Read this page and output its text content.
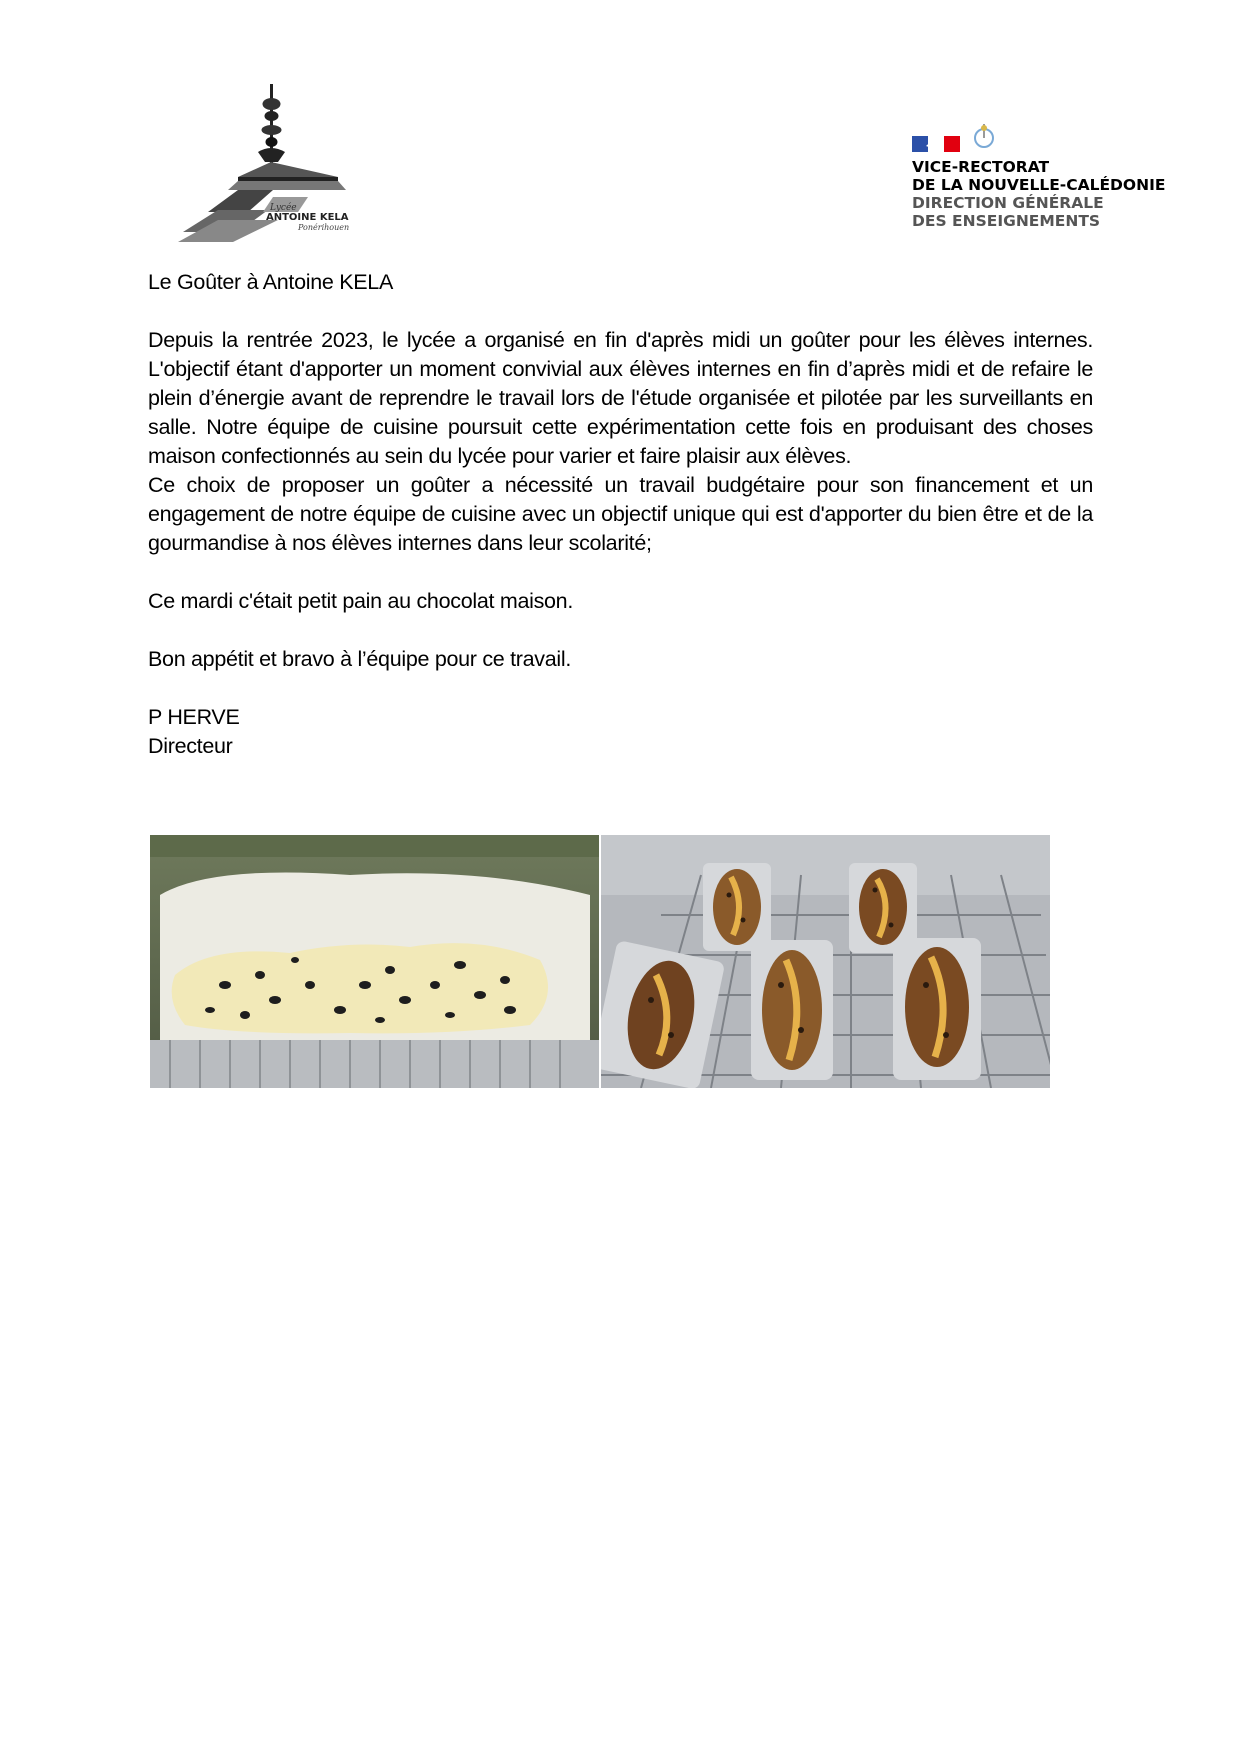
Lycée
ANTOINE KELA
Ponérihouen
VICE-RECTORAT
DE LA NOUVELLE-CALÉDONIE
DIRECTION GÉNÉRALE
DES ENSEIGNEMENTS

Le Goûter à Antoine KELA

Depuis la rentrée 2023, le lycée a organisé en fin d'après midi un goûter pour les élèves internes. L'objectif étant d'apporter un moment convivial aux élèves internes en fin d’après midi et de refaire le plein d’énergie avant de reprendre le travail lors de l'étude organisée et pilotée par les surveillants en salle. Notre équipe de cuisine poursuit cette expérimentation cette fois en produisant des choses maison confectionnés au sein du lycée pour varier et faire plaisir aux élèves.

Ce choix de proposer un goûter a nécessité un travail budgétaire pour son financement et un engagement de notre équipe de cuisine avec un objectif unique qui est d'apporter du bien être et de la gourmandise à nos élèves internes dans leur scolarité;

Ce mardi c'était petit pain au chocolat maison.

Bon appétit et bravo à l’équipe pour ce travail.

P HERVE

Directeur
